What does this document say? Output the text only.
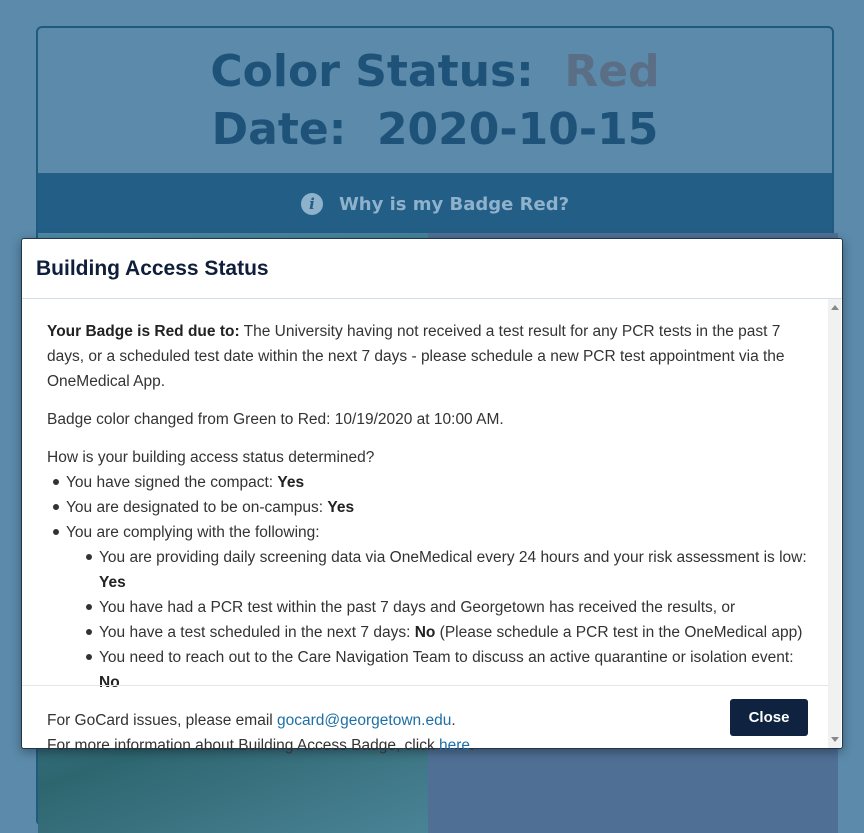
Color Status: Red
Date: 2020-10-15
i	Why is my Badge Red?
Building Access Status

Your Badge is Red due to: The University having not received a test result for any PCR tests in the past 7 days, or a scheduled test date within the next 7 days - please schedule a new PCR test appointment via the OneMedical App.

Badge color changed from Green to Red: 10/19/2020 at 10:00 AM.

How is your building access status determined?
You have signed the compact: Yes
You are designated to be on-campus: Yes
You are complying with the following:
You are providing daily screening data via OneMedical every 24 hours and your risk assessment is low: Yes
You have had a PCR test within the past 7 days and Georgetown has received the results, or
You have a test scheduled in the next 7 days: No (Please schedule a PCR test in the OneMedical app)
You need to reach out to the Care Navigation Team to discuss an active quarantine or isolation event: No
For GoCard issues, please email gocard@georgetown.edu.
For more information about Building Access Badge, click here.
Close
